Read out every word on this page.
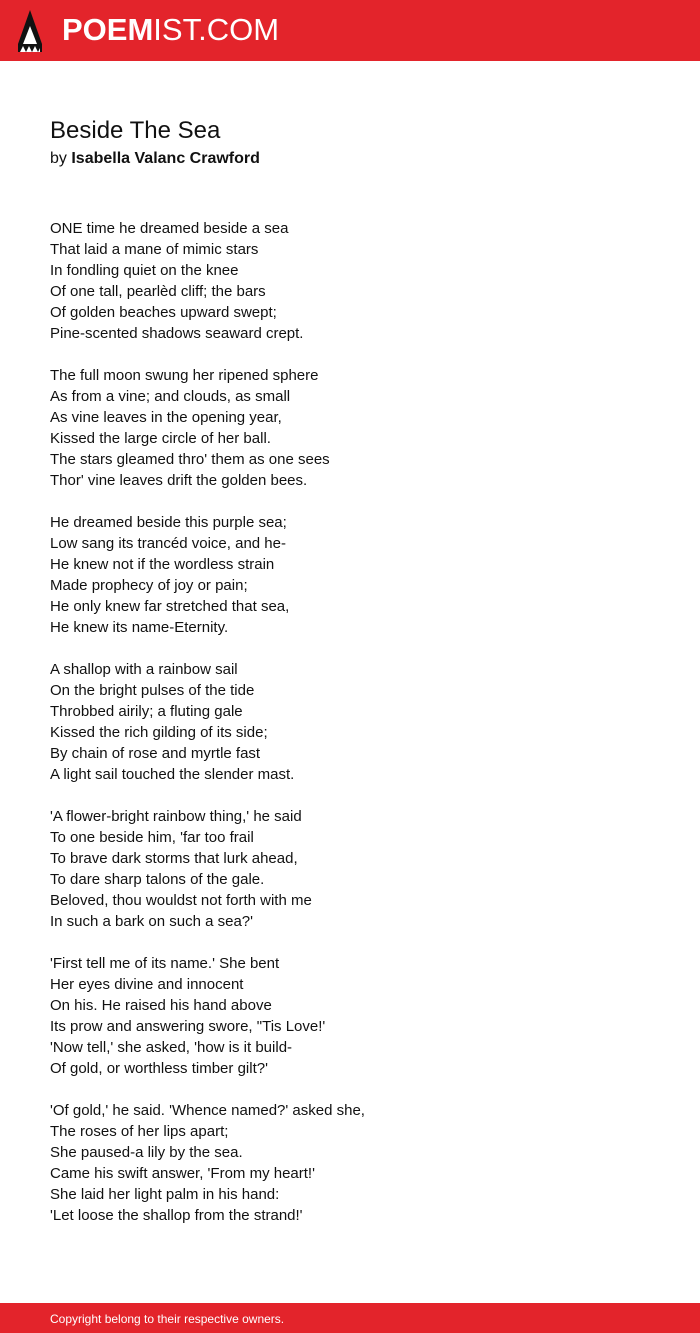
POEMIST.COM
Beside The Sea
by Isabella Valanc Crawford
ONE time he dreamed beside a sea
That laid a mane of mimic stars
In fondling quiet on the knee
Of one tall, pearlèd cliff; the bars
Of golden beaches upward swept;
Pine-scented shadows seaward crept.
The full moon swung her ripened sphere
As from a vine; and clouds, as small
As vine leaves in the opening year,
Kissed the large circle of her ball.
The stars gleamed thro' them as one sees
Thor' vine leaves drift the golden bees.
He dreamed beside this purple sea;
Low sang its trancéd voice, and he-
He knew not if the wordless strain
Made prophecy of joy or pain;
He only knew far stretched that sea,
He knew its name-Eternity.
A shallop with a rainbow sail
On the bright pulses of the tide
Throbbed airily; a fluting gale
Kissed the rich gilding of its side;
By chain of rose and myrtle fast
A light sail touched the slender mast.
'A flower-bright rainbow thing,' he said
To one beside him, 'far too frail
To brave dark storms that lurk ahead,
To dare sharp talons of the gale.
Beloved, thou wouldst not forth with me
In such a bark on such a sea?'
'First tell me of its name.' She bent
Her eyes divine and innocent
On his. He raised his hand above
Its prow and answering swore, "Tis Love!'
'Now tell,' she asked, 'how is it build-
Of gold, or worthless timber gilt?'
'Of gold,' he said. 'Whence named?' asked she,
The roses of her lips apart;
She paused-a lily by the sea.
Came his swift answer, 'From my heart!'
She laid her light palm in his hand:
'Let loose the shallop from the strand!'
Copyright belong to their respective owners.
